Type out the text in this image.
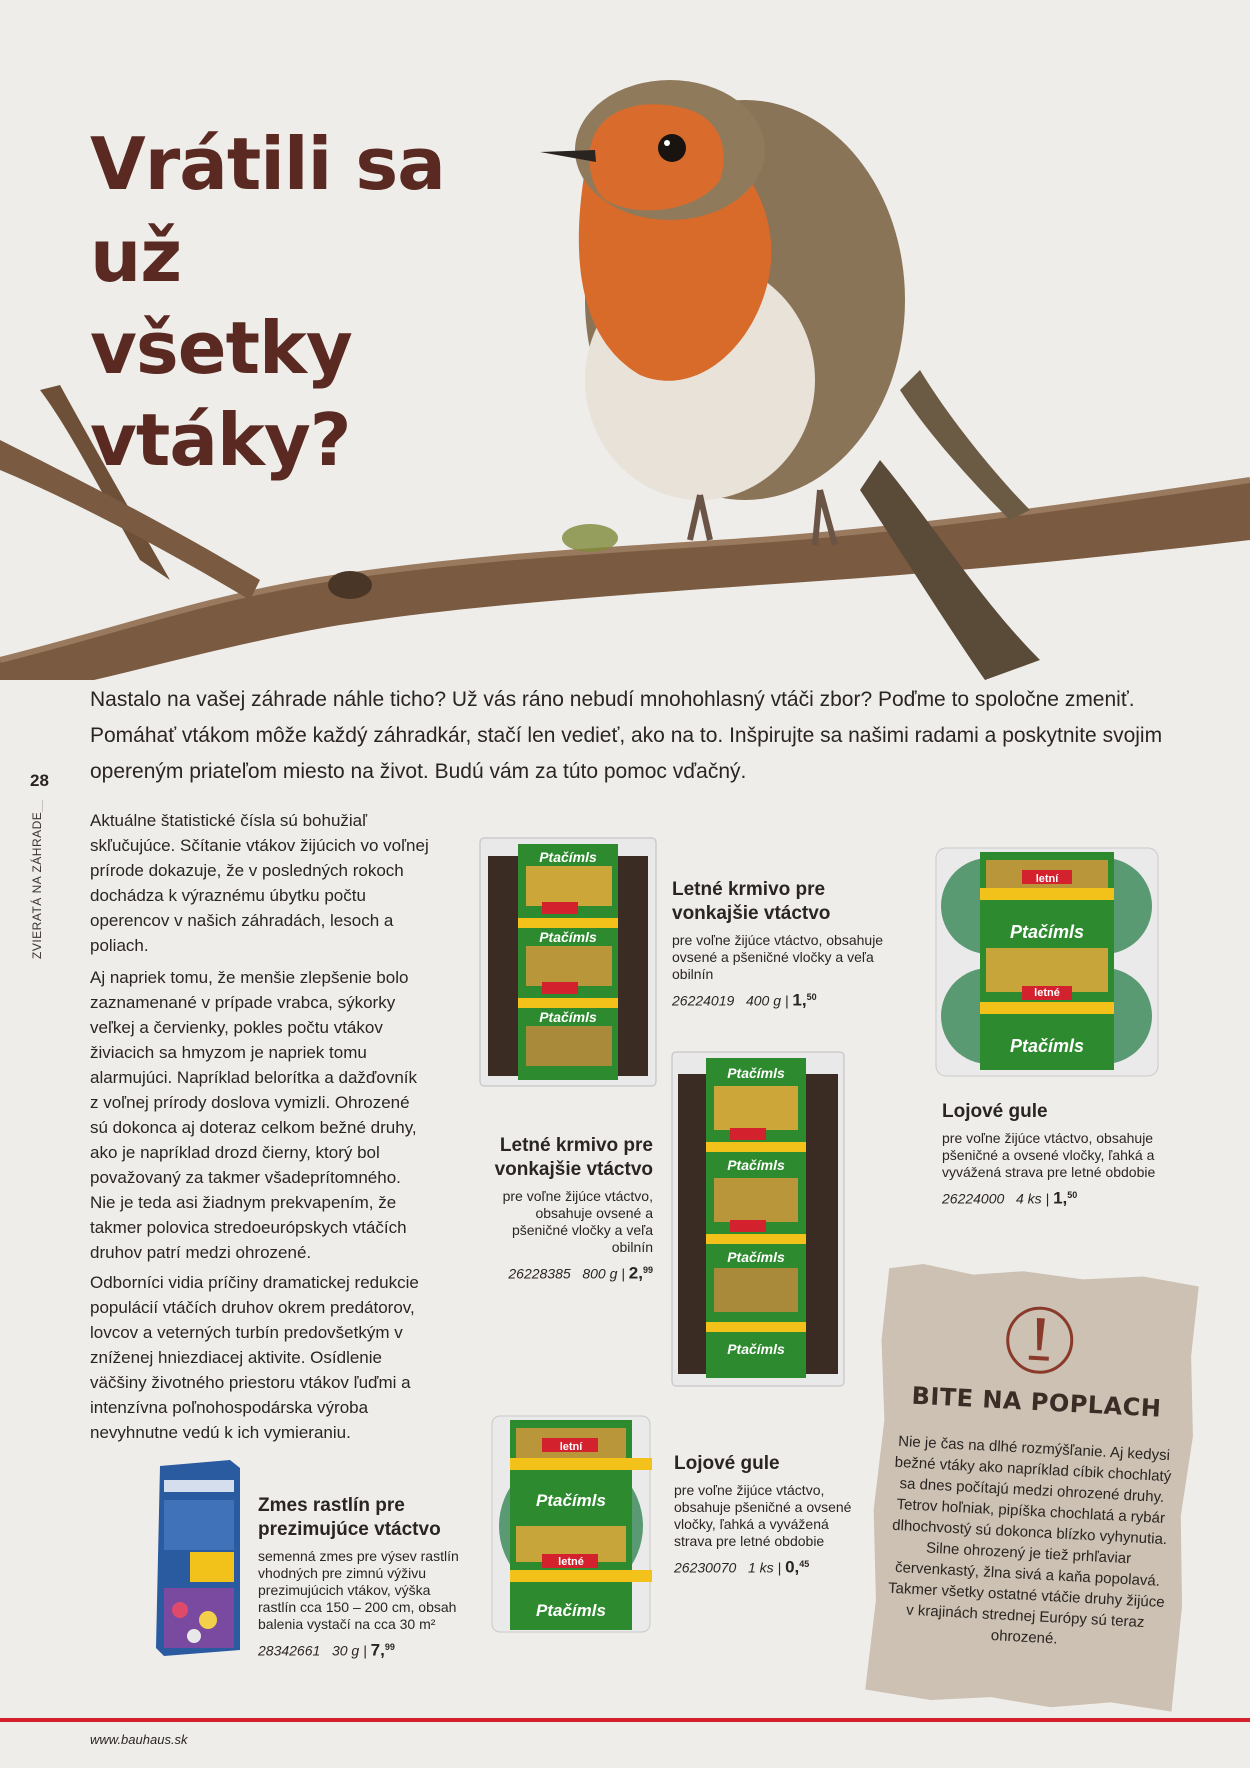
Vrátili sa
už všetky
vtáky?
Nastalo na vašej záhrade náhle ticho? Už vás ráno nebudí mnohohlasný vtáči zbor? Poďme to spoločne zmeniť. Pomáhať vtákom môže každý záhradkár, stačí len vedieť, ako na to. Inšpirujte sa našimi radami a poskytnite svojim opereným priateľom miesto na život. Budú vám za túto pomoc vďačný.
28
ZVIERATÁ NA ZÁHRADE	Aktuálne štatistické čísla sú bohužiaľ skľučujúce. Sčítanie vtákov žijúcich vo voľnej prírode dokazuje, že v posledných rokoch dochádza k výraznému úbytku počtu operencov v našich záhradách, lesoch a poliach.
Aj napriek tomu, že menšie zlepšenie bolo zaznamenané v prípade vrabca, sýkorky veľkej a červienky, pokles počtu vtákov živiacich sa hmyzom je napriek tomu alarmujúci. Napríklad belorítka a dažďovník z voľnej prírody doslova vymizli. Ohrozené sú dokonca aj doteraz celkom bežné druhy, ako je napríklad drozd čierny, ktorý bol považovaný za takmer všadeprítomného. Nie je teda asi žiadnym prekvapením, že takmer polovica stredoeurópskych vtáčích druhov patrí medzi ohrozené.
Odborníci vidia príčiny dramatickej redukcie populácií vtáčích druhov okrem predátorov, lovcov a veterných turbín predovšetkým v zníženej hniezdiacej aktivite. Osídlenie väčšiny životného priestoru vtákov ľuďmi a intenzívna poľnohospodárska výroba nevyhnutne vedú k ich vymieraniu.
Ptačímls
Ptačímls
Ptačímls
Letné krmivo pre vonkajšie vtáctvo
pre voľne žijúce vtáctvo, obsahuje ovsené a pšeničné vločky a veľa obilnín
26224019 400 g | 1,50
letní
letné
Ptačímls
Ptačímls
Lojové gule
pre voľne žijúce vtáctvo, obsahuje pšeničné a ovsené vločky, ľahká a vyvážená strava pre letné obdobie
26224000 4 ks | 1,50
Letné krmivo pre vonkajšie vtáctvo
pre voľne žijúce vtáctvo, obsahuje ovsené a pšeničné vločky a veľa obilnín
26228385 800 g | 2,99
Ptačímls
Ptačímls
Ptačímls
Ptačímls
letní
letné
Ptačímls
Ptačímls
Lojové gule
pre voľne žijúce vtáctvo, obsahuje pšeničné a ovsené vločky, ľahká a vyvážená strava pre letné obdobie
26230070 1 ks | 0,45
Zmes rastlín pre prezimujúce vtáctvo
semenná zmes pre výsev rastlín vhodných pre zimnú výživu prezimujúcich vtákov, výška rastlín cca 150 – 200 cm, obsah balenia vystačí na cca 30 m²
28342661 30 g | 7,99
BITE NA POPLACH
Nie je čas na dlhé rozmýšľanie. Aj kedysi bežné vtáky ako napríklad cíbik chochlatý sa dnes počítajú medzi ohrozené druhy. Tetrov hoľniak, pipíška chochlatá a rybár dlhochvostý sú dokonca blízko vyhynutia. Silne ohrozený je tiež prhľaviar červenkastý, žlna sivá a kaňa popolavá. Takmer všetky ostatné vtáčie druhy žijúce v krajinách strednej Európy sú teraz ohrozené.
www.bauhaus.sk
